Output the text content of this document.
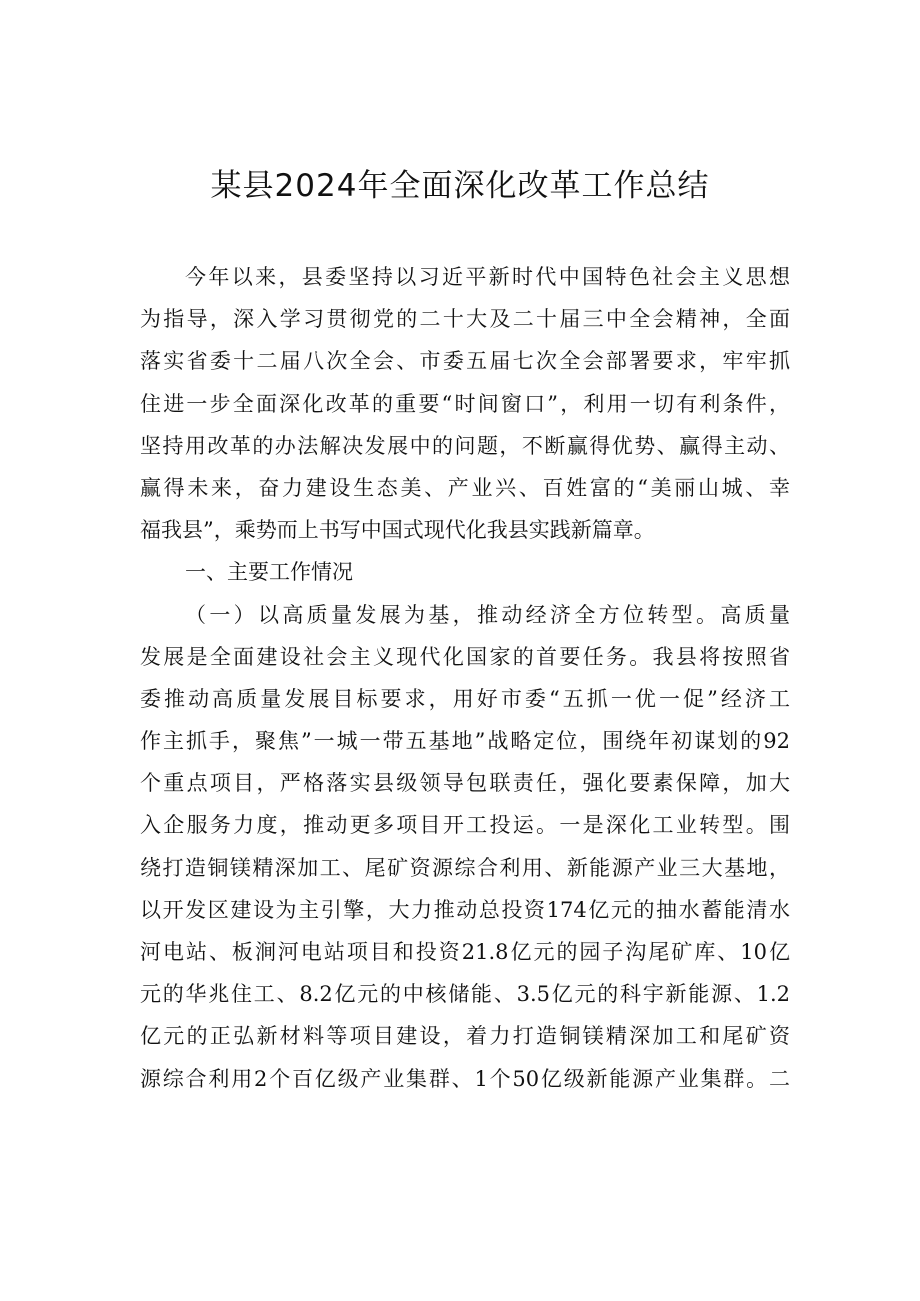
某县2024年全面深化改革工作总结
今年以来，县委坚持以习近平新时代中国特色社会主义思想
为指导，深入学习贯彻党的二十大及二十届三中全会精神，全面
落实省委十二届八次全会、市委五届七次全会部署要求，牢牢抓
住进一步全面深化改革的重要“时间窗口”，利用一切有利条件，
坚持用改革的办法解决发展中的问题，不断赢得优势、赢得主动、
赢得未来，奋力建设生态美、产业兴、百姓富的“美丽山城、幸
福我县”，乘势而上书写中国式现代化我县实践新篇章。
一、主要工作情况
（一）以高质量发展为基，推动经济全方位转型。高质量
发展是全面建设社会主义现代化国家的首要任务。我县将按照省
委推动高质量发展目标要求，用好市委“五抓一优一促”经济工
作主抓手，聚焦”一城一带五基地”战略定位，围绕年初谋划的92
个重点项目，严格落实县级领导包联责任，强化要素保障，加大
入企服务力度，推动更多项目开工投运。一是深化工业转型。围
绕打造铜镁精深加工、尾矿资源综合利用、新能源产业三大基地，
以开发区建设为主引擎，大力推动总投资174亿元的抽水蓄能清水
河电站、板涧河电站项目和投资21.8亿元的园子沟尾矿库、10亿
元的华兆住工、8.2亿元的中核储能、3.5亿元的科宇新能源、1.2
亿元的正弘新材料等项目建设，着力打造铜镁精深加工和尾矿资
源综合利用2个百亿级产业集群、1个50亿级新能源产业集群。二
